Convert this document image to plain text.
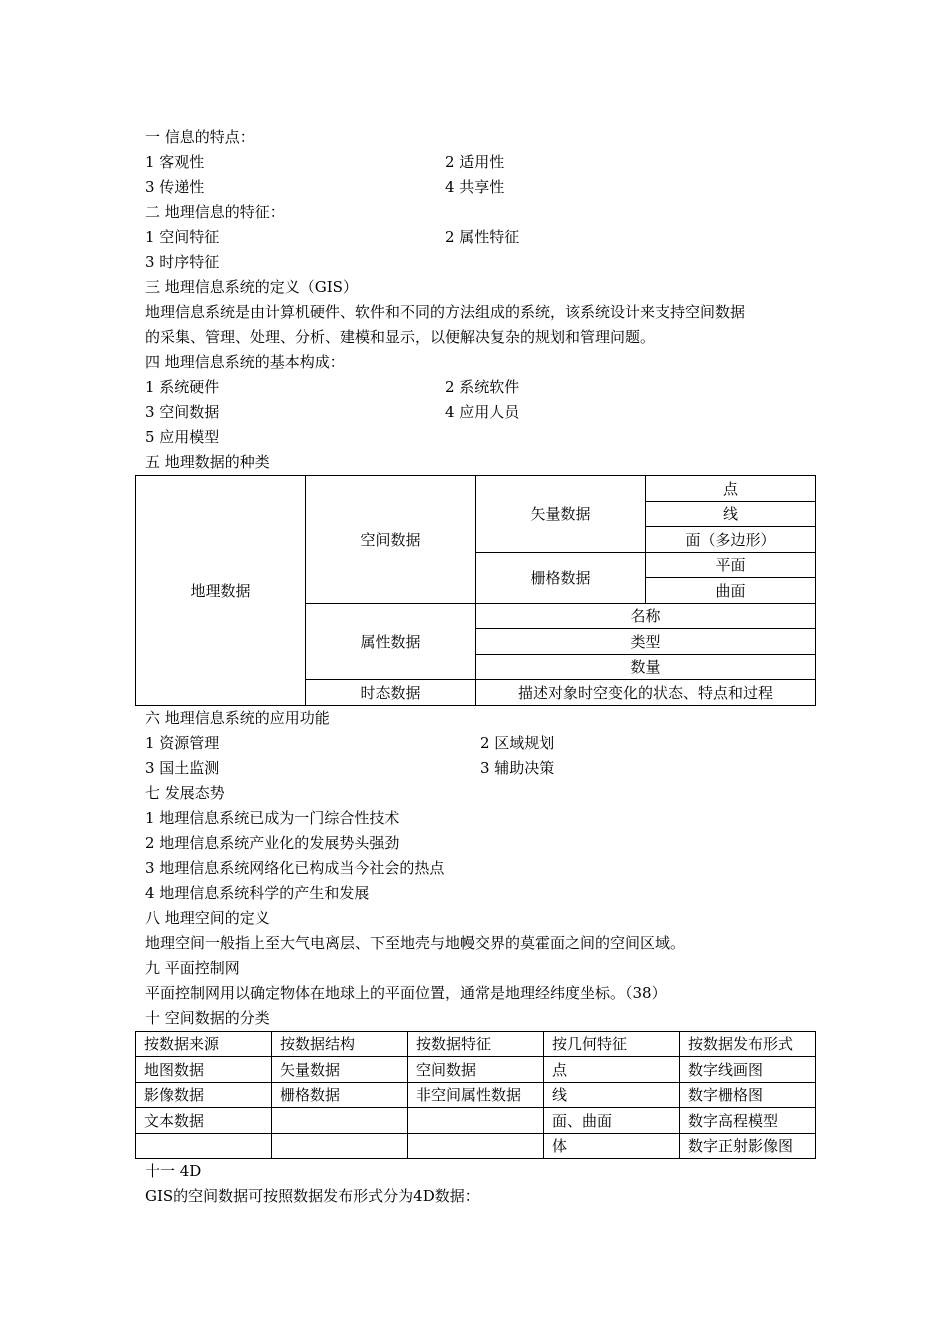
一 信息的特点：
1 客观性	2 适用性
3 传递性	4 共享性
二 地理信息的特征：
1 空间特征	2 属性特征
3 时序特征
三 地理信息系统的定义（GIS）
地理信息系统是由计算机硬件、软件和不同的方法组成的系统，该系统设计来支持空间数据
的采集、管理、处理、分析、建模和显示，以便解决复杂的规划和管理问题。
四 地理信息系统的基本构成：
1 系统硬件	2 系统软件
3 空间数据	4 应用人员
5 应用模型
五 地理数据的种类
地理数据	空间数据	矢量数据	点
			线
			面（多边形）
		栅格数据	平面
			曲面
	属性数据	名称	
		类型	
		数量	
	时态数据	描述对象时空变化的状态、特点和过程	
六 地理信息系统的应用功能
1 资源管理	2 区域规划
3 国土监测	3 辅助决策
七 发展态势
1 地理信息系统已成为一门综合性技术
2 地理信息系统产业化的发展势头强劲
3 地理信息系统网络化已构成当今社会的热点
4 地理信息系统科学的产生和发展
八 地理空间的定义
地理空间一般指上至大气电离层、下至地壳与地幔交界的莫霍面之间的空间区域。
九 平面控制网
平面控制网用以确定物体在地球上的平面位置，通常是地理经纬度坐标。（38）
十 空间数据的分类
按数据来源	按数据结构	按数据特征	按几何特征	按数据发布形式
地图数据	矢量数据	空间数据	点	数字线画图
影像数据	栅格数据	非空间属性数据	线	数字栅格图
文本数据			面、曲面	数字高程模型
			体	数字正射影像图
十一 4D
GIS的空间数据可按照数据发布形式分为4D数据：
